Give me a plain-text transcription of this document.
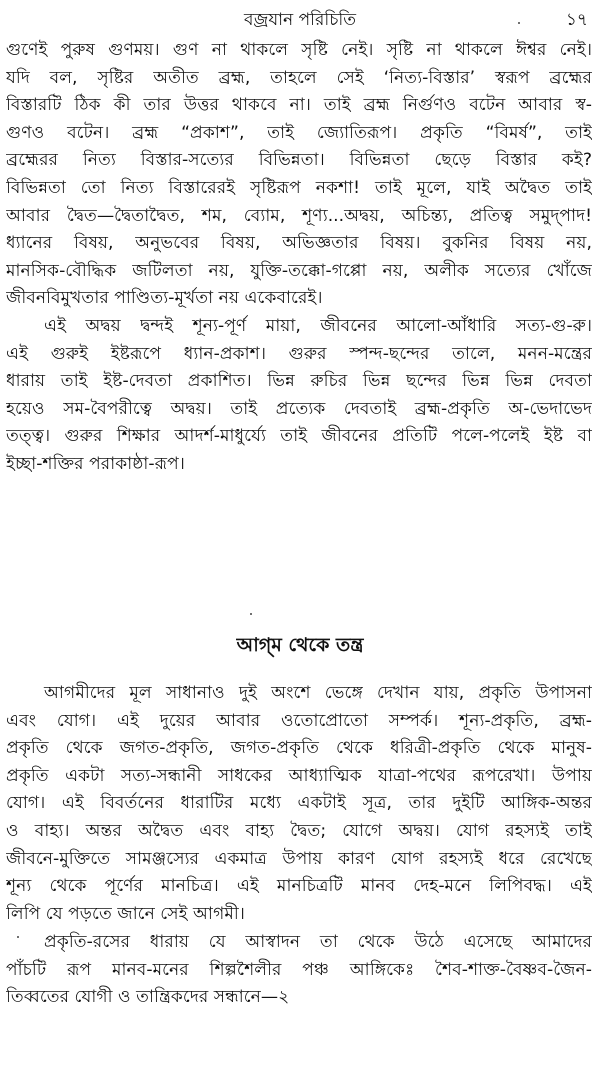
বজ্রযান পরিচিতি	১৭
গুণেই পুরুষ গুণময়। গুণ না থাকলে সৃষ্টি নেই। সৃষ্টি না থাকলে ঈশ্বর নেই।
যদি বল, সৃষ্টির অতীত ব্রহ্ম, তাহলে সেই ‘নিত্য-বিস্তার’ স্বরূপ ব্রহ্মের
বিস্তারটি ঠিক কী তার উত্তর থাকবে না। তাই ব্রহ্ম নির্গুণও বটেন আবার স্ব-
গুণও বটেন। ব্রহ্ম “প্রকাশ”, তাই জ্যোতিরূপ। প্রকৃতি “বিমর্ষ”, তাই
ব্রহ্মেরর নিত্য বিস্তার-সত্যের বিভিন্নতা। বিভিন্নতা ছেড়ে বিস্তার কই?
বিভিন্নতা তো নিত্য বিস্তারেরই সৃষ্টিরূপ নকশা! তাই মূলে, যাই অদ্বৈত তাই
আবার দ্বৈত—দ্বৈতাদ্বৈত, শম, ব্যোম, শূণ্য...অদ্বয়, অচিন্ত্য, প্রতিত্ব সমুদ্‌পাদ!
ধ্যানের বিষয়, অনুভবের বিষয়, অভিজ্ঞতার বিষয়। বুকনির বিষয় নয়,
মানসিক-বৌদ্ধিক জটিলতা নয়, যুক্তি-তক্কো-গপ্পো নয়, অলীক সত্যের খোঁজে
জীবনবিমুখতার পাণ্ডিত্য-মূর্খতা নয় একেবারেই।
এই অদ্বয় দ্বন্দই শূন্য-পূর্ণ মায়া, জীবনের আলো-আঁধারি সত্য-গু-রু।
এই গুরুই ইষ্টরূপে ধ্যান-প্রকাশ। গুরুর স্পন্দ-ছন্দের তালে, মনন-মন্ত্রের
ধারায় তাই ইষ্ট-দেবতা প্রকাশিত। ভিন্ন রুচির ভিন্ন ছন্দের ভিন্ন ভিন্ন দেবতা
হয়েও সম-বৈপরীত্বে অদ্বয়। তাই প্রত্যেক দেবতাই ব্রহ্ম-প্রকৃতি অ-ভেদাভেদ
তত্ত্ব। গুরুর শিক্ষার আদর্শ-মাধুর্য্যে তাই জীবনের প্রতিটি পলে-পলেই ইষ্ট বা
ইচ্ছা-শক্তির পরাকাষ্ঠা-রূপ।
আগ্‌ম থেকে তন্ত্র
আগমীদের মূল সাধানাও দুই অংশে ভেঙ্গে দেখান যায়, প্রকৃতি উপাসনা
এবং যোগ। এই দুয়ের আবার ওতোপ্রোতো সম্পর্ক। শূন্য-প্রকৃতি, ব্রহ্ম-
প্রকৃতি থেকে জগত-প্রকৃতি, জগত-প্রকৃতি থেকে ধরিত্রী-প্রকৃতি থেকে মানুষ-
প্রকৃতি একটা সত্য-সন্ধানী সাধকের আধ্যাত্মিক যাত্রা-পথের রূপরেখা। উপায়
যোগ। এই বিবর্তনের ধারাটির মধ্যে একটাই সূত্র, তার দুইটি আঙ্গিক-অন্তর
ও বাহ্য। অন্তর অদ্বৈত এবং বাহ্য দ্বৈত; যোগে অদ্বয়। যোগ রহস্যই তাই
জীবনে-মুক্তিতে সামঞ্জস্যের একমাত্র উপায় কারণ যোগ রহস্যই ধরে রেখেছে
শূন্য থেকে পূর্ণের মানচিত্র। এই মানচিত্রটি মানব দেহ-মনে লিপিবদ্ধ। এই
লিপি যে পড়তে জানে সেই আগমী।
প্রকৃতি-রসের ধারায় যে আস্বাদন তা থেকে উঠে এসেছে আমাদের
পাঁচটি রূপ মানব-মনের শিল্পশৈলীর পঞ্চ আঙ্গিকেঃ শৈব-শাক্ত-বৈষ্ণব-জৈন-
তিব্বতের যোগী ও তান্ত্রিকদের সন্ধানে—২
